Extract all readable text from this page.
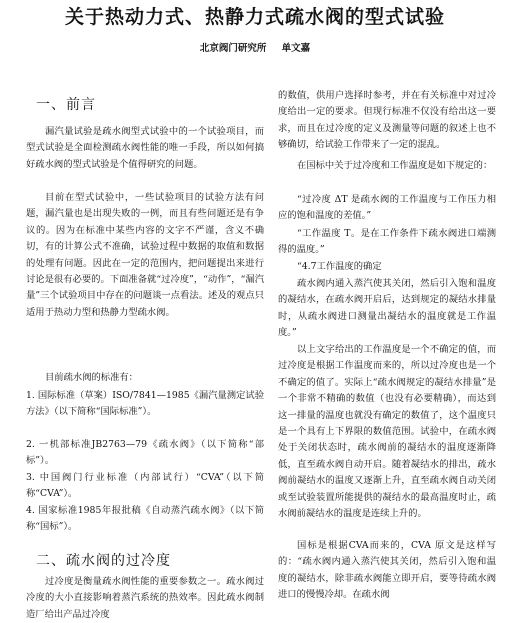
关于热动力式、热静力式疏水阀的型式试验
北京阀门研究所 单文嘉
一、前言

漏汽量试验是疏水阀型式试验中的一个试验项目，而型式试验是全面检测疏水阀性能的唯一手段，所以如何搞好疏水阀的型式试验是个值得研究的问题。

目前在型式试验中，一些试验项目的试验方法有问题，漏汽量也是出现失败的一例，而且有些问题还是有争议的。因为在标准中某些内容的文字不严谨，含义不确切，有的计算公式不准确，试验过程中数据的取值和数据的处理有问题。因此在一定的范围内，把问题提出来进行讨论是很有必要的。下面准备就“过冷度”，“动作”，“漏汽量”三个试验项目中存在的问题谈一点看法。述及的观点只适用于热动力型和热静力型疏水阀。

目前疏水阀的标准有：

1. 国际标准（草案）ISO/7841—1985《漏汽量测定试验方法》（以下简称“国际标准”）。

2. 一机部标准JB2763—79《疏水阀》（以下简称“部标”）。

3. 中国阀门行业标准（内部试行）“CVA”（以下简称“CVA”）。

4. 国家标准1985年报批稿《自动蒸汽疏水阀》（以下简称“国标”）。

二、疏水阀的过冷度

过冷度是衡量疏水阀性能的重要参数之一。疏水阀过冷度的大小直接影响着蒸汽系统的热效率。因此疏水阀制造厂给出产品过冷度

的数值，供用户选择时参考，并在有关标准中对过冷度给出一定的要求。但现行标准不仅没有给出这一要求，而且在过冷度的定义及测量等问题的叙述上也不够确切，给试验工作带来了一定的混乱。

在国标中关于过冷度和工作温度是如下规定的：

“过冷度 ΔT 是疏水阀的工作温度与工作压力相应的饱和温度的差值。”

“工作温度 T。是在工作条件下疏水阀进口端测得的温度。”

“4.7工作温度的确定

疏水阀内通入蒸汽使其关闭，然后引入饱和温度的凝结水，在疏水阀开启后，达到规定的凝结水排量时，从疏水阀进口测量出凝结水的温度就是工作温度。”

以上文字给出的工作温度是一个不确定的值，而过冷度是根据工作温度而来的，所以过冷度也是一个不确定的值了。实际上“疏水阀规定的凝结水排量”是一个非常不精确的数值（也没有必要精确），而达到这一排量的温度也就没有确定的数值了，这个温度只是一个具有上下界限的数值范围。试验中，在疏水阀处于关闭状态时，疏水阀前的凝结水的温度逐渐降低，直至疏水阀自动开启。随着凝结水的排出，疏水阀前凝结水的温度又逐渐上升，直至疏水阀自动关闭或至试验装置所能提供的凝结水的最高温度时止，疏水阀前凝结水的温度是连续上升的。

国标是根据CVA而来的，CVA 原文是这样写的：“疏水阀内通入蒸汽使其关闭，然后引入饱和温度的凝结水，除非疏水阀能立即开启，要等待疏水阀进口的慢慢冷却。在疏水阀
